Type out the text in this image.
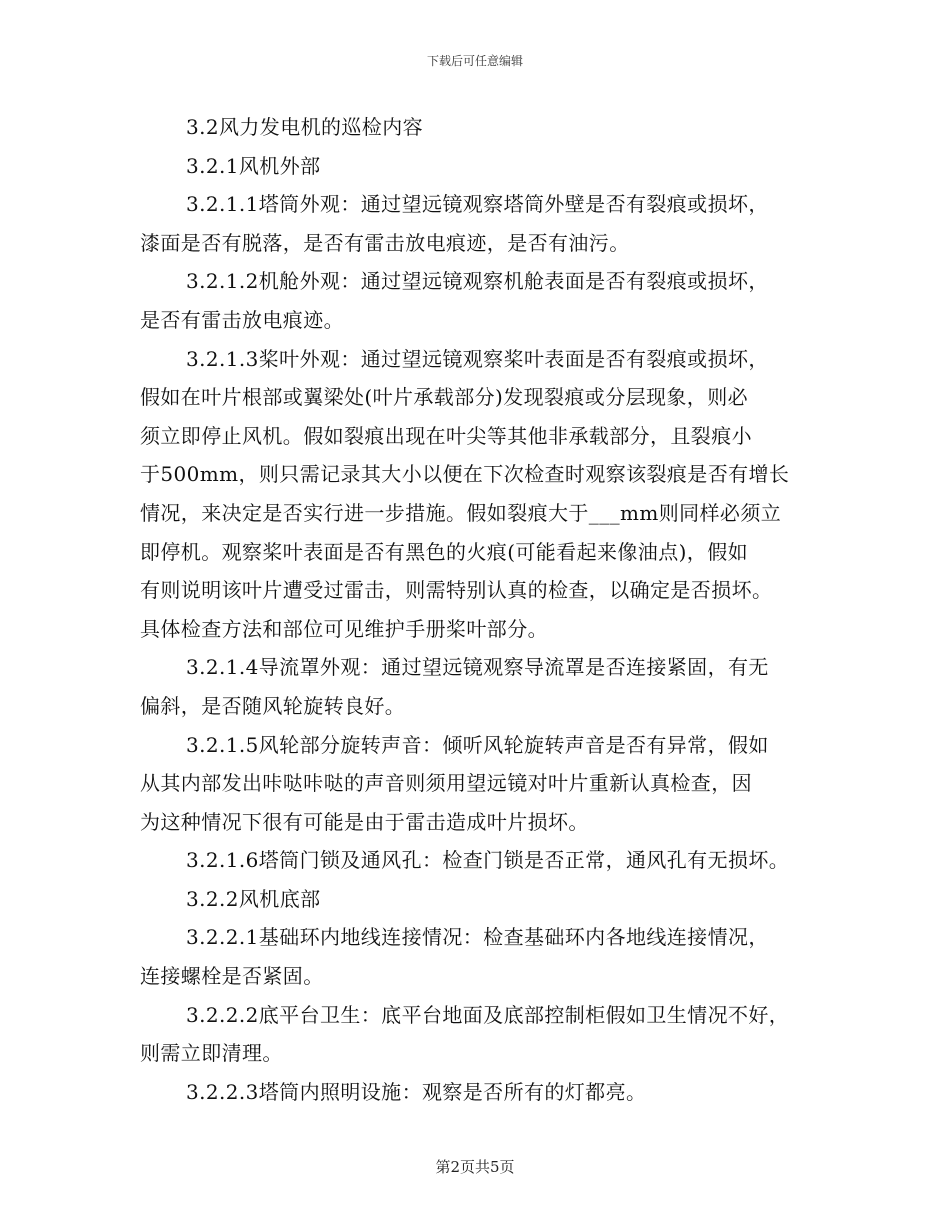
下载后可任意编辑
3.2风力发电机的巡检内容
3.2.1风机外部
3.2.1.1塔筒外观：通过望远镜观察塔筒外壁是否有裂痕或损坏，
漆面是否有脱落，是否有雷击放电痕迹，是否有油污。
3.2.1.2机舱外观：通过望远镜观察机舱表面是否有裂痕或损坏，
是否有雷击放电痕迹。
3.2.1.3桨叶外观：通过望远镜观察桨叶表面是否有裂痕或损坏，
假如在叶片根部或翼梁处(叶片承载部分)发现裂痕或分层现象，则必
须立即停止风机。假如裂痕出现在叶尖等其他非承载部分，且裂痕小
于500mm，则只需记录其大小以便在下次检查时观察该裂痕是否有增长
情况，来决定是否实行进一步措施。假如裂痕大于___mm则同样必须立
即停机。观察桨叶表面是否有黑色的火痕(可能看起来像油点)，假如
有则说明该叶片遭受过雷击，则需特别认真的检查，以确定是否损坏。
具体检查方法和部位可见维护手册桨叶部分。
3.2.1.4导流罩外观：通过望远镜观察导流罩是否连接紧固，有无
偏斜，是否随风轮旋转良好。
3.2.1.5风轮部分旋转声音：倾听风轮旋转声音是否有异常，假如
从其内部发出咔哒咔哒的声音则须用望远镜对叶片重新认真检查，因
为这种情况下很有可能是由于雷击造成叶片损坏。
3.2.1.6塔筒门锁及通风孔：检查门锁是否正常，通风孔有无损坏。
3.2.2风机底部
3.2.2.1基础环内地线连接情况：检查基础环内各地线连接情况，
连接螺栓是否紧固。
3.2.2.2底平台卫生：底平台地面及底部控制柜假如卫生情况不好，
则需立即清理。
3.2.2.3塔筒内照明设施：观察是否所有的灯都亮。
第2页共5页
